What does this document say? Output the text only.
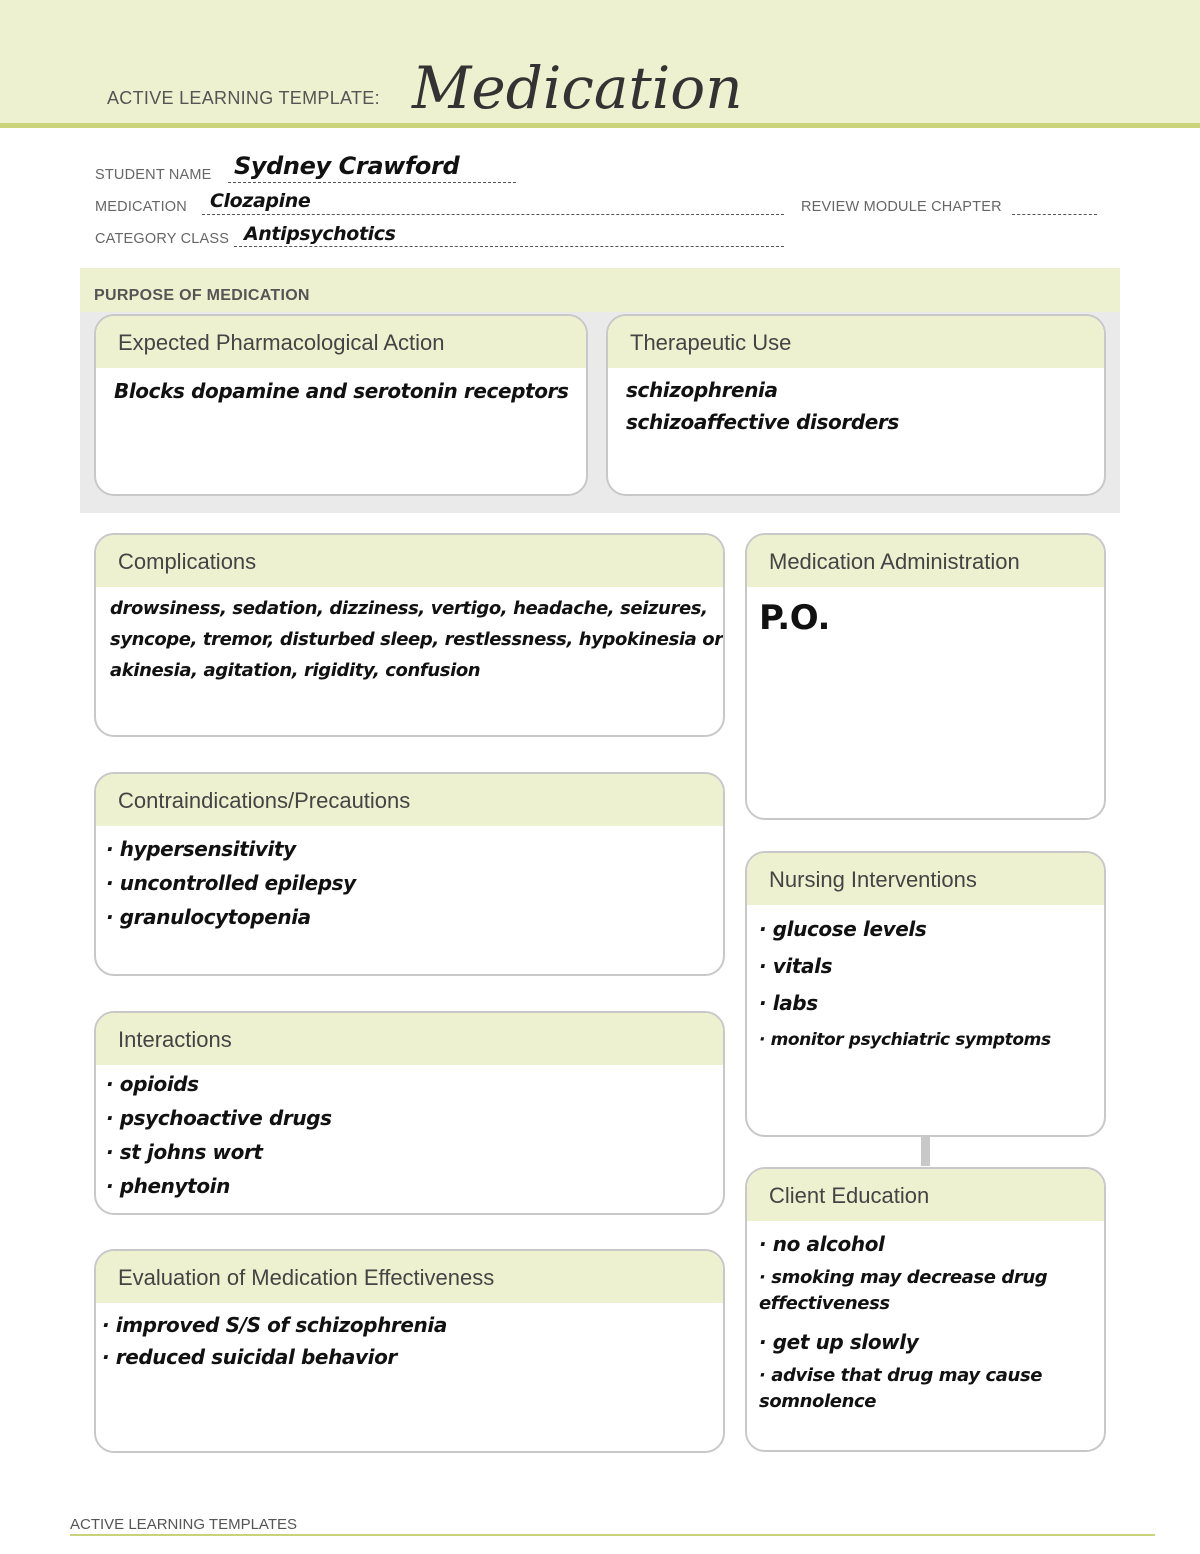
ACTIVE LEARNING TEMPLATE: Medication
STUDENT NAME Sydney Crawford
MEDICATION Clozapine	REVIEW MODULE CHAPTER
CATEGORY CLASS Antipsychotics
PURPOSE OF MEDICATION
Expected Pharmacological Action
Blocks dopamine and serotonin receptors
Therapeutic Use
schizophrenia
schizoaffective disorders
Complications
drowsiness, sedation, dizziness, vertigo, headache, seizures,
syncope, tremor, disturbed sleep, restlessness, hypokinesia or
akinesia, agitation, rigidity, confusion
Medication Administration
P.O.
Contraindications/Precautions
· hypersensitivity
· uncontrolled epilepsy
· granulocytopenia
Nursing Interventions
· glucose levels
· vitals
· labs
· monitor psychiatric symptoms
Interactions
· opioids
· psychoactive drugs
· st johns wort
· phenytoin	Client Education
· no alcohol
· smoking may decrease drug effectiveness
· get up slowly
· advise that drug may cause somnolence
Evaluation of Medication Effectiveness
· improved S/S of schizophrenia
· reduced suicidal behavior
ACTIVE LEARNING TEMPLATES
